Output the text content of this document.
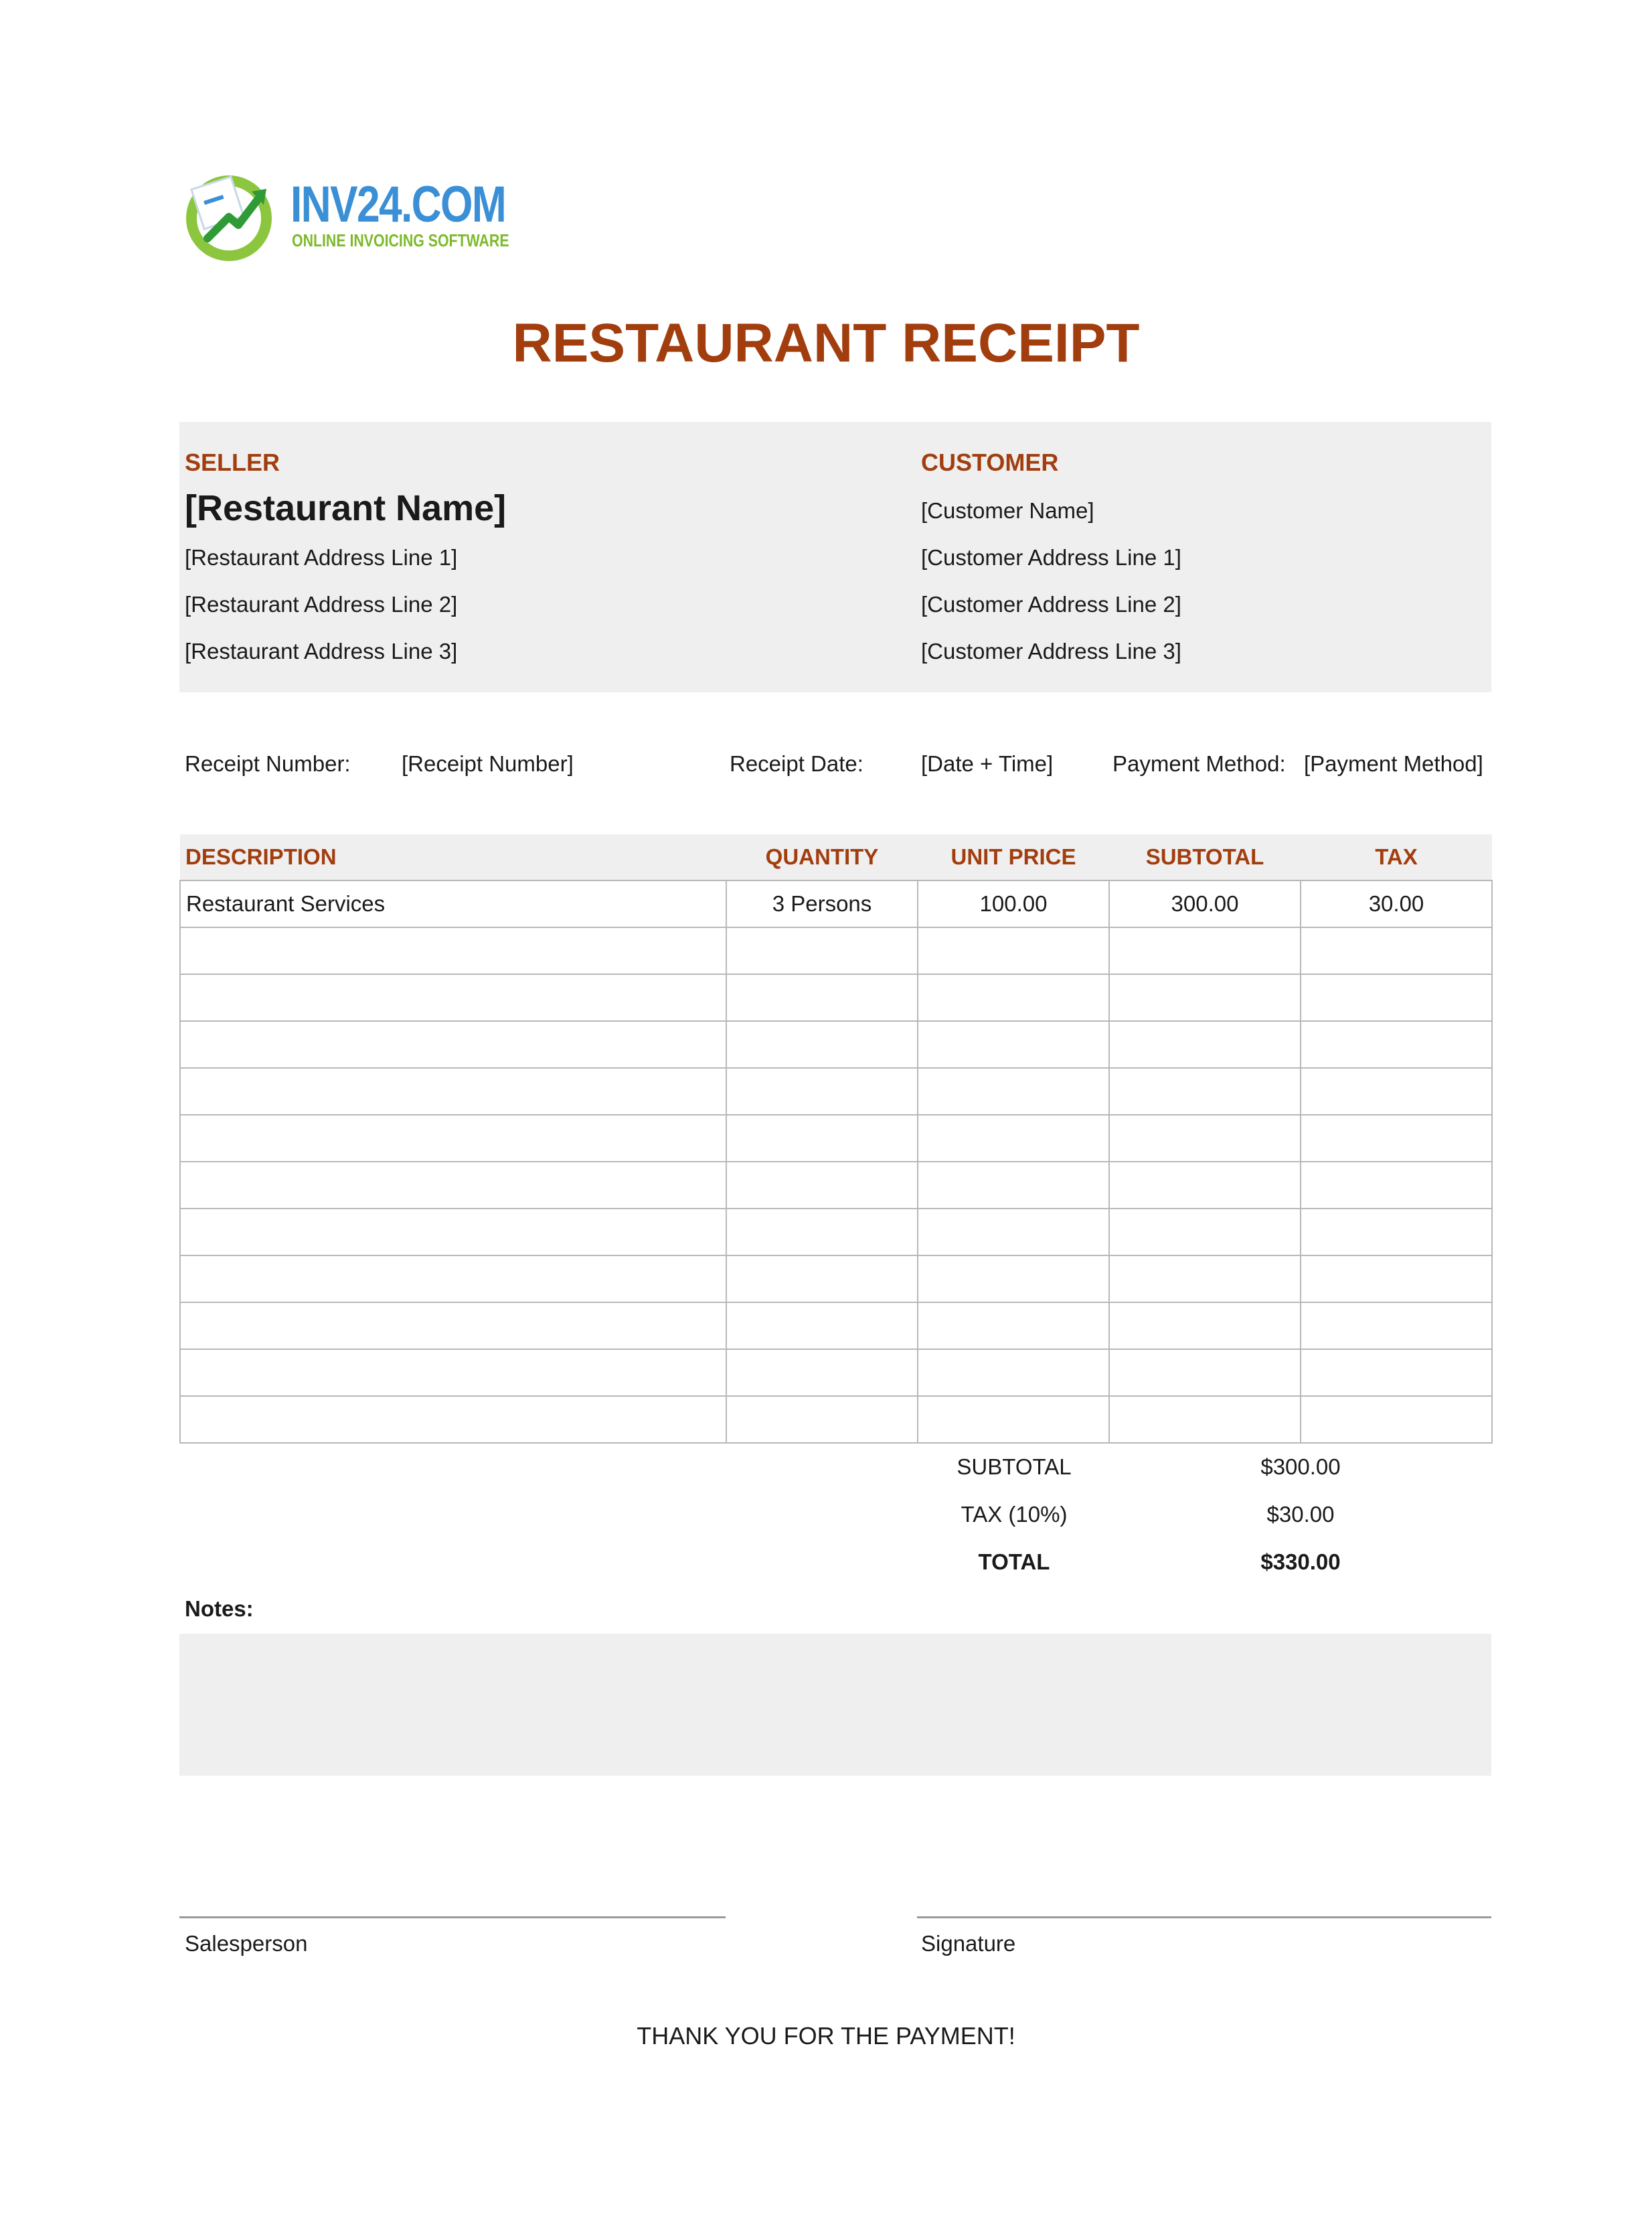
INV24.COM
ONLINE INVOICING SOFTWARE
RESTAURANT RECEIPT
SELLER
[Restaurant Name]
[Restaurant Address Line 1]
[Restaurant Address Line 2]
[Restaurant Address Line 3]
CUSTOMER
[Customer Name]
[Customer Address Line 1]
[Customer Address Line 2]
[Customer Address Line 3]
Receipt Number: [Receipt Number]	Receipt Date:	[Date + Time]	Payment Method: [Payment Method]
DESCRIPTION	QUANTITY	UNIT PRICE	SUBTOTAL	TAX
Restaurant Services	3 Persons	100.00	300.00	30.00

SUBTOTAL	$300.00
TAX (10%)	$30.00
TOTAL	$330.00
Notes:
Salesperson	Signature
THANK YOU FOR THE PAYMENT!
